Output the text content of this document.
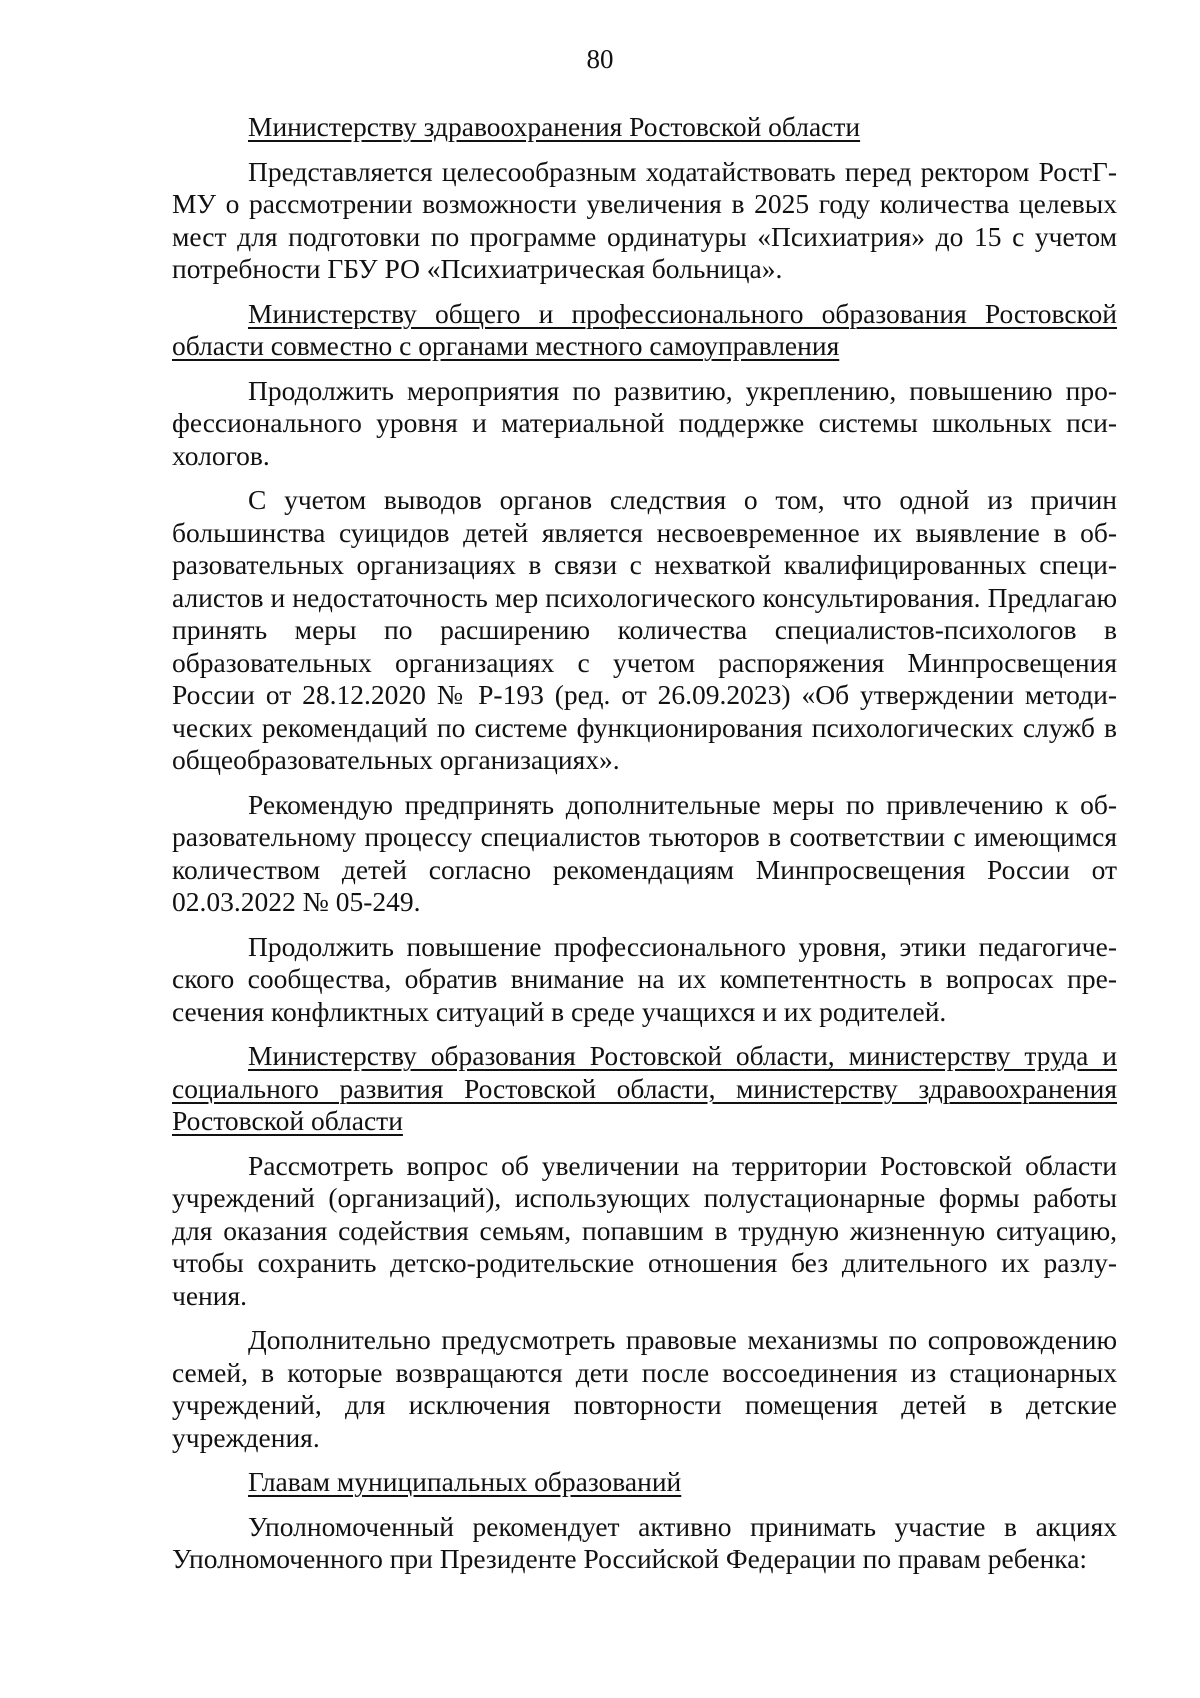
80

Министерству здравоохранения Ростовской области

Представляется целесообразным ходатайствовать перед ректором РостГ-МУ о рассмотрении возможности увеличения в 2025 году количества целевых мест для подготовки по программе ординатуры «Психиатрия» до 15 с учетом потребности ГБУ РО «Психиатрическая больница».

Министерству общего и профессионального образования Ростовской области совместно с органами местного самоуправления

Продолжить мероприятия по развитию, укреплению, повышению профессионального уровня и материальной поддержке системы школьных психологов.

С учетом выводов органов следствия о том, что одной из причин большинства суицидов детей является несвоевременное их выявление в образовательных организациях в связи с нехваткой квалифицированных специалистов и недостаточность мер психологического консультирования. Предлагаю принять меры по расширению количества специалистов-психологов в образовательных организациях с учетом распоряжения Минпросвещения России от 28.12.2020 № Р-193 (ред. от 26.09.2023) «Об утверждении методических рекомендаций по системе функционирования психологических служб в общеобразовательных организациях».

Рекомендую предпринять дополнительные меры по привлечению к образовательному процессу специалистов тьюторов в соответствии с имеющимся количеством детей согласно рекомендациям Минпросвещения России от 02.03.2022 № 05-249.

Продолжить повышение профессионального уровня, этики педагогического сообщества, обратив внимание на их компетентность в вопросах пресечения конфликтных ситуаций в среде учащихся и их родителей.

Министерству образования Ростовской области, министерству труда и социального развития Ростовской области, министерству здравоохранения Ростовской области

Рассмотреть вопрос об увеличении на территории Ростовской области учреждений (организаций), использующих полустационарные формы работы для оказания содействия семьям, попавшим в трудную жизненную ситуацию, чтобы сохранить детско-родительские отношения без длительного их разлучения.

Дополнительно предусмотреть правовые механизмы по сопровождению семей, в которые возвращаются дети после воссоединения из стационарных учреждений, для исключения повторности помещения детей в детские учреждения.

Главам муниципальных образований

Уполномоченный рекомендует активно принимать участие в акциях Уполномоченного при Президенте Российской Федерации по правам ребенка:
